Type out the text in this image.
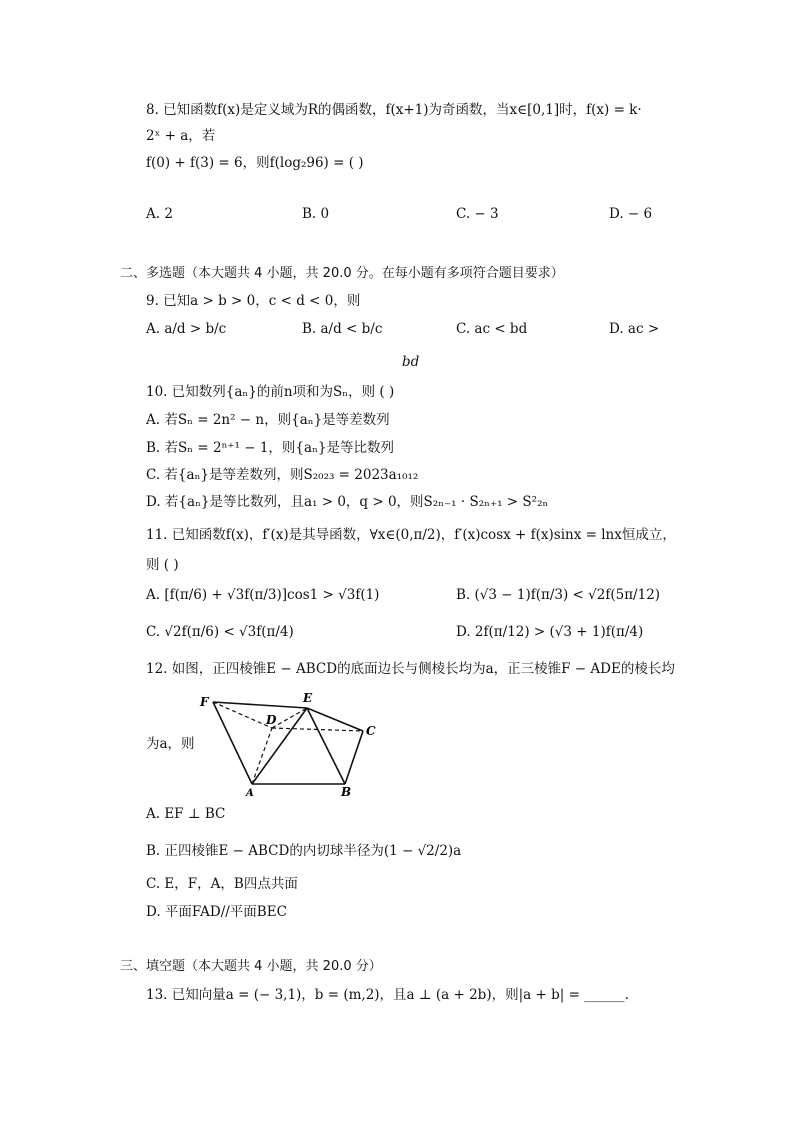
8. 已知函数f(x)是定义域为R的偶函数，f(x+1)为奇函数，当x∈[0,1]时，f(x) = k·
2ˣ + a，若
f(0) + f(3) = 6，则f(log₂96) = ( )
A. 2	B. 0	C. − 3	D. − 6
二、多选题（本大题共 4 小题，共 20.0 分。在每小题有多项符合题目要求）
9. 已知a > b > 0，c < d < 0，则
A. a/d > b/c	B. a/d < b/c	C. ac < bd	D. ac >
bd
10. 已知数列{aₙ}的前n项和为Sₙ，则 ( )
A. 若Sₙ = 2n² − n，则{aₙ}是等差数列
B. 若Sₙ = 2ⁿ⁺¹ − 1，则{aₙ}是等比数列
C. 若{aₙ}是等差数列，则S₂₀₂₃ = 2023a₁₀₁₂
D. 若{aₙ}是等比数列，且a₁ > 0，q > 0，则S₂ₙ₋₁ · S₂ₙ₊₁ > S²₂ₙ
11. 已知函数f(x)，f′(x)是其导函数，∀x∈(0,π/2)，f′(x)cosx + f(x)sinx = lnx恒成立，
则 ( )
A. [f(π/6) + √3f(π/3)]cos1 > √3f(1)	B. (√3 − 1)f(π/3) < √2f(5π/12)
C. √2f(π/6) < √3f(π/4)	D. 2f(π/12) > (√3 + 1)f(π/4)
12. 如图，正四棱锥E − ABCD的底面边长与侧棱长均为a，正三棱锥F − ADE的棱长均
为a，则
F	E
D
C
A	B
A. EF ⊥ BC
B. 正四棱锥E − ABCD的内切球半径为(1 − √2/2)a
C. E，F，A，B四点共面
D. 平面FAD//平面BEC
三、填空题（本大题共 4 小题，共 20.0 分）
13. 已知向量a = (− 3,1)，b = (m,2)，且a ⊥ (a + 2b)，则|a + b| = ______.
